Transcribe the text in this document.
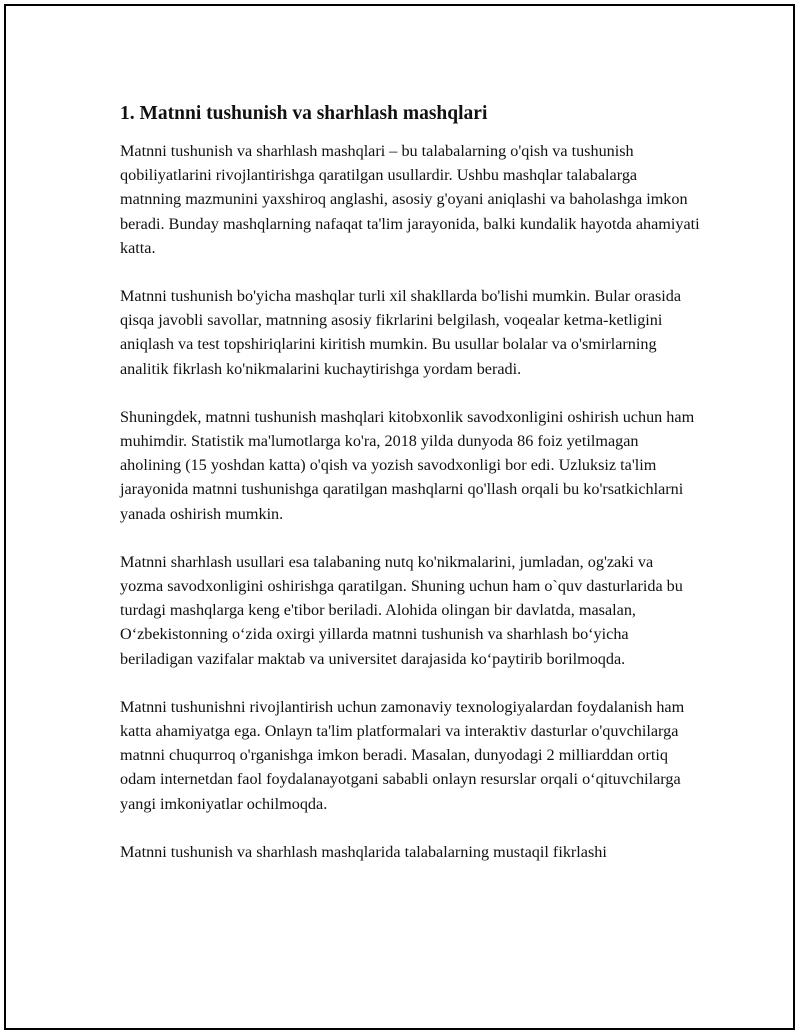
1. Matnni tushunish va sharhlash mashqlari

Matnni tushunish va sharhlash mashqlari – bu talabalarning o'qish va tushunish qobiliyatlarini rivojlantirishga qaratilgan usullardir. Ushbu mashqlar talabalarga matnning mazmunini yaxshiroq anglashi, asosiy g'oyani aniqlashi va baholashga imkon beradi. Bunday mashqlarning nafaqat ta'lim jarayonida, balki kundalik hayotda ahamiyati katta.

Matnni tushunish bo'yicha mashqlar turli xil shakllarda bo'lishi mumkin. Bular orasida qisqa javobli savollar, matnning asosiy fikrlarini belgilash, voqealar ketma-ketligini aniqlash va test topshiriqlarini kiritish mumkin. Bu usullar bolalar va o'smirlarning analitik fikrlash ko'nikmalarini kuchaytirishga yordam beradi.

Shuningdek, matnni tushunish mashqlari kitobxonlik savodxonligini oshirish uchun ham muhimdir. Statistik ma'lumotlarga ko'ra, 2018 yilda dunyoda 86 foiz yetilmagan aholining (15 yoshdan katta) o'qish va yozish savodxonligi bor edi. Uzluksiz ta'lim jarayonida matnni tushunishga qaratilgan mashqlarni qo'llash orqali bu ko'rsatkichlarni yanada oshirish mumkin.

Matnni sharhlash usullari esa talabaning nutq ko'nikmalarini, jumladan, og'zaki va yozma savodxonligini oshirishga qaratilgan. Shuning uchun ham o`quv dasturlarida bu turdagi mashqlarga keng e'tibor beriladi. Alohida olingan bir davlatda, masalan, O‘zbekistonning o‘zida oxirgi yillarda matnni tushunish va sharhlash bo‘yicha beriladigan vazifalar maktab va universitet darajasida ko‘paytirib borilmoqda.

Matnni tushunishni rivojlantirish uchun zamonaviy texnologiyalardan foydalanish ham katta ahamiyatga ega. Onlayn ta'lim platformalari va interaktiv dasturlar o'quvchilarga matnni chuqurroq o'rganishga imkon beradi. Masalan, dunyodagi 2 milliarddan ortiq odam internetdan faol foydalanayotgani sababli onlayn resurslar orqali o‘qituvchilarga yangi imkoniyatlar ochilmoqda.

Matnni tushunish va sharhlash mashqlarida talabalarning mustaqil fikrlashi
